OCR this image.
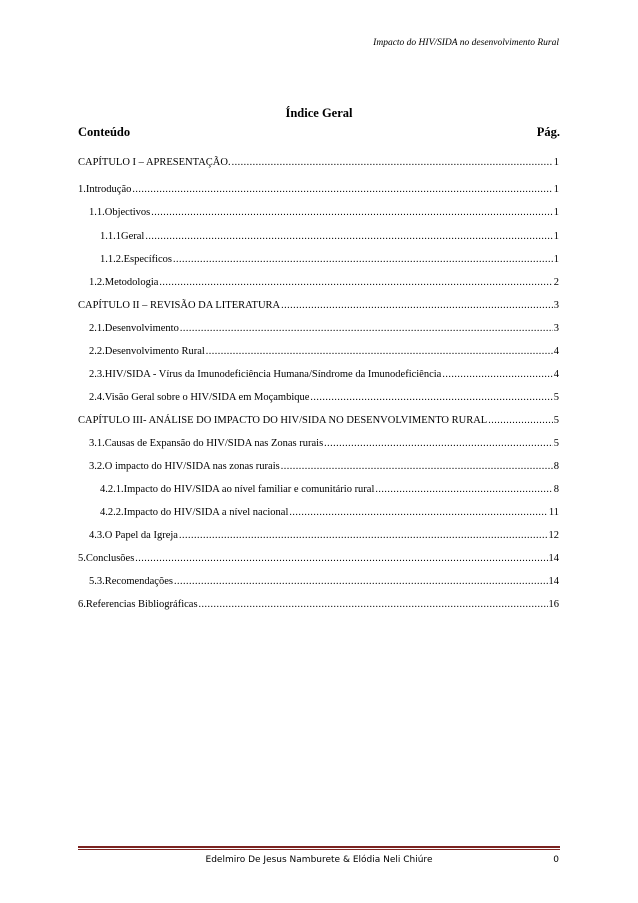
Impacto do HIV/SIDA no desenvolvimento Rural
Índice Geral
Conteúdo	Pág.
CAPÍTULO I – APRESENTAÇÃO. .....	1
1.Introdução .....	1
1.1.Objectivos .....	1
1.1.1Geral .....	1
1.1.2.Específicos .....	1
1.2.Metodologia .....	2
CAPÍTULO II – REVISÃO DA LITERATURA .....	3
2.1.Desenvolvimento .....	3
2.2.Desenvolvimento Rural .....	4
2.3.HIV/SIDA - Vírus da Imunodeficiência Humana/Síndrome da Imunodeficiência .....	4
2.4.Visão Geral sobre o HIV/SIDA em Moçambique .....	5
CAPÍTULO III- ANÁLISE DO IMPACTO DO HIV/SIDA NO DESENVOLVIMENTO RURAL .....	5
3.1.Causas de Expansão do HIV/SIDA nas Zonas rurais .....	5
3.2.O impacto do HIV/SIDA nas zonas rurais .....	8
4.2.1.Impacto do HIV/SIDA ao nível familiar e comunitário rural .....	8
4.2.2.Impacto do HIV/SIDA a nível nacional .....	11
4.3.O Papel da Igreja .....	12
5.Conclusões .....	14
5.3.Recomendações .....	14
6.Referencias Bibliográficas .....	16
Edelmiro De Jesus Namburete & Elódia Neli Chiúre	0
